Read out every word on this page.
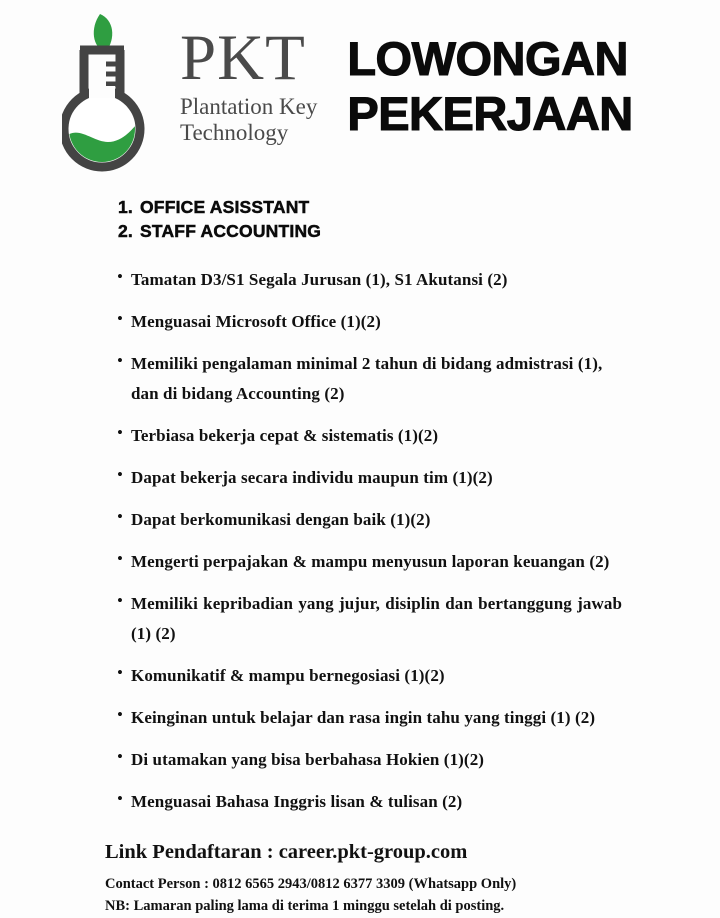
PKT
Plantation Key
Technology
LOWONGAN
PEKERJAAN
1. OFFICE ASISSTANT
2. STAFF ACCOUNTING
• Tamatan D3/S1 Segala Jurusan (1), S1 Akutansi (2)
• Menguasai Microsoft Office (1)(2)
• Memiliki pengalaman minimal 2 tahun di bidang admistrasi (1), dan di bidang Accounting (2)
• Terbiasa bekerja cepat & sistematis (1)(2)
• Dapat bekerja secara individu maupun tim (1)(2)
• Dapat berkomunikasi dengan baik (1)(2)
• Mengerti perpajakan & mampu menyusun laporan keuangan (2)
• Memiliki kepribadian yang jujur, disiplin dan bertanggung jawab (1) (2)
• Komunikatif & mampu bernegosiasi (1)(2)
• Keinginan untuk belajar dan rasa ingin tahu yang tinggi (1) (2)
• Di utamakan yang bisa berbahasa Hokien (1)(2)
• Menguasai Bahasa Inggris lisan & tulisan (2)
Link Pendaftaran : career.pkt-group.com
Contact Person : 0812 6565 2943/0812 6377 3309 (Whatsapp Only)
NB: Lamaran paling lama di terima 1 minggu setelah di posting.
